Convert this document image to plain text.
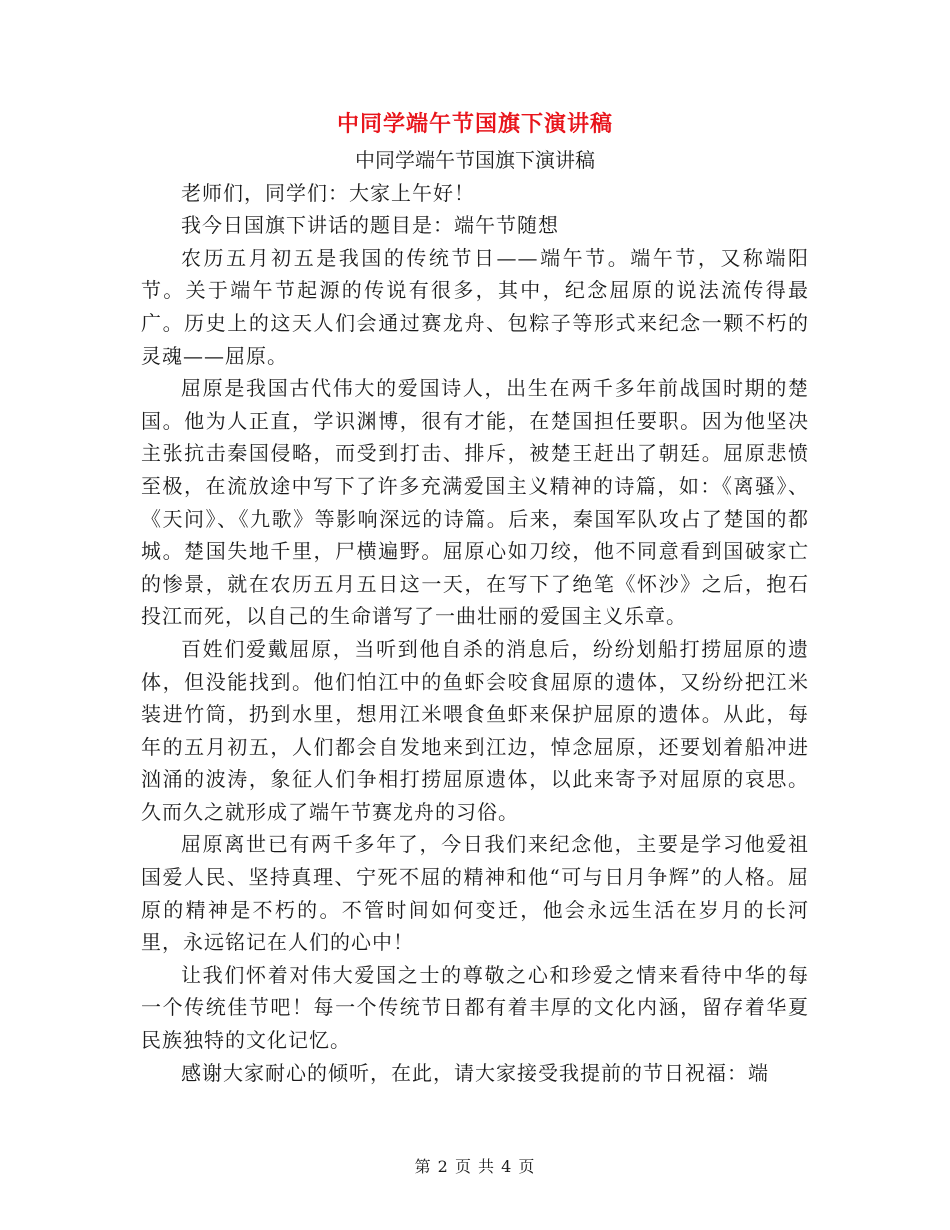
中同学端午节国旗下演讲稿

中同学端午节国旗下演讲稿

老师们，同学们：大家上午好！

我今日国旗下讲话的题目是：端午节随想

农历五月初五是我国的传统节日——端午节。端午节，又称端阳节。关于端午节起源的传说有很多，其中，纪念屈原的说法流传得最广。历史上的这天人们会通过赛龙舟、包粽子等形式来纪念一颗不朽的灵魂——屈原。

屈原是我国古代伟大的爱国诗人，出生在两千多年前战国时期的楚国。他为人正直，学识渊博，很有才能，在楚国担任要职。因为他坚决主张抗击秦国侵略，而受到打击、排斥，被楚王赶出了朝廷。屈原悲愤至极，在流放途中写下了许多充满爱国主义精神的诗篇，如：《离骚》、《天问》、《九歌》等影响深远的诗篇。后来，秦国军队攻占了楚国的都城。楚国失地千里，尸横遍野。屈原心如刀绞，他不同意看到国破家亡的惨景，就在农历五月五日这一天，在写下了绝笔《怀沙》之后，抱石投江而死，以自己的生命谱写了一曲壮丽的爱国主义乐章。

百姓们爱戴屈原，当听到他自杀的消息后，纷纷划船打捞屈原的遗体，但没能找到。他们怕江中的鱼虾会咬食屈原的遗体，又纷纷把江米装进竹筒，扔到水里，想用江米喂食鱼虾来保护屈原的遗体。从此，每年的五月初五，人们都会自发地来到江边，悼念屈原，还要划着船冲进汹涌的波涛，象征人们争相打捞屈原遗体，以此来寄予对屈原的哀思。久而久之就形成了端午节赛龙舟的习俗。

屈原离世已有两千多年了，今日我们来纪念他，主要是学习他爱祖国爱人民、坚持真理、宁死不屈的精神和他“可与日月争辉”的人格。屈原的精神是不朽的。不管时间如何变迁，他会永远生活在岁月的长河里，永远铭记在人们的心中！

让我们怀着对伟大爱国之士的尊敬之心和珍爱之情来看待中华的每一个传统佳节吧！每一个传统节日都有着丰厚的文化内涵，留存着华夏民族独特的文化记忆。

感谢大家耐心的倾听，在此，请大家接受我提前的节日祝福：端

第 2 页 共 4 页
